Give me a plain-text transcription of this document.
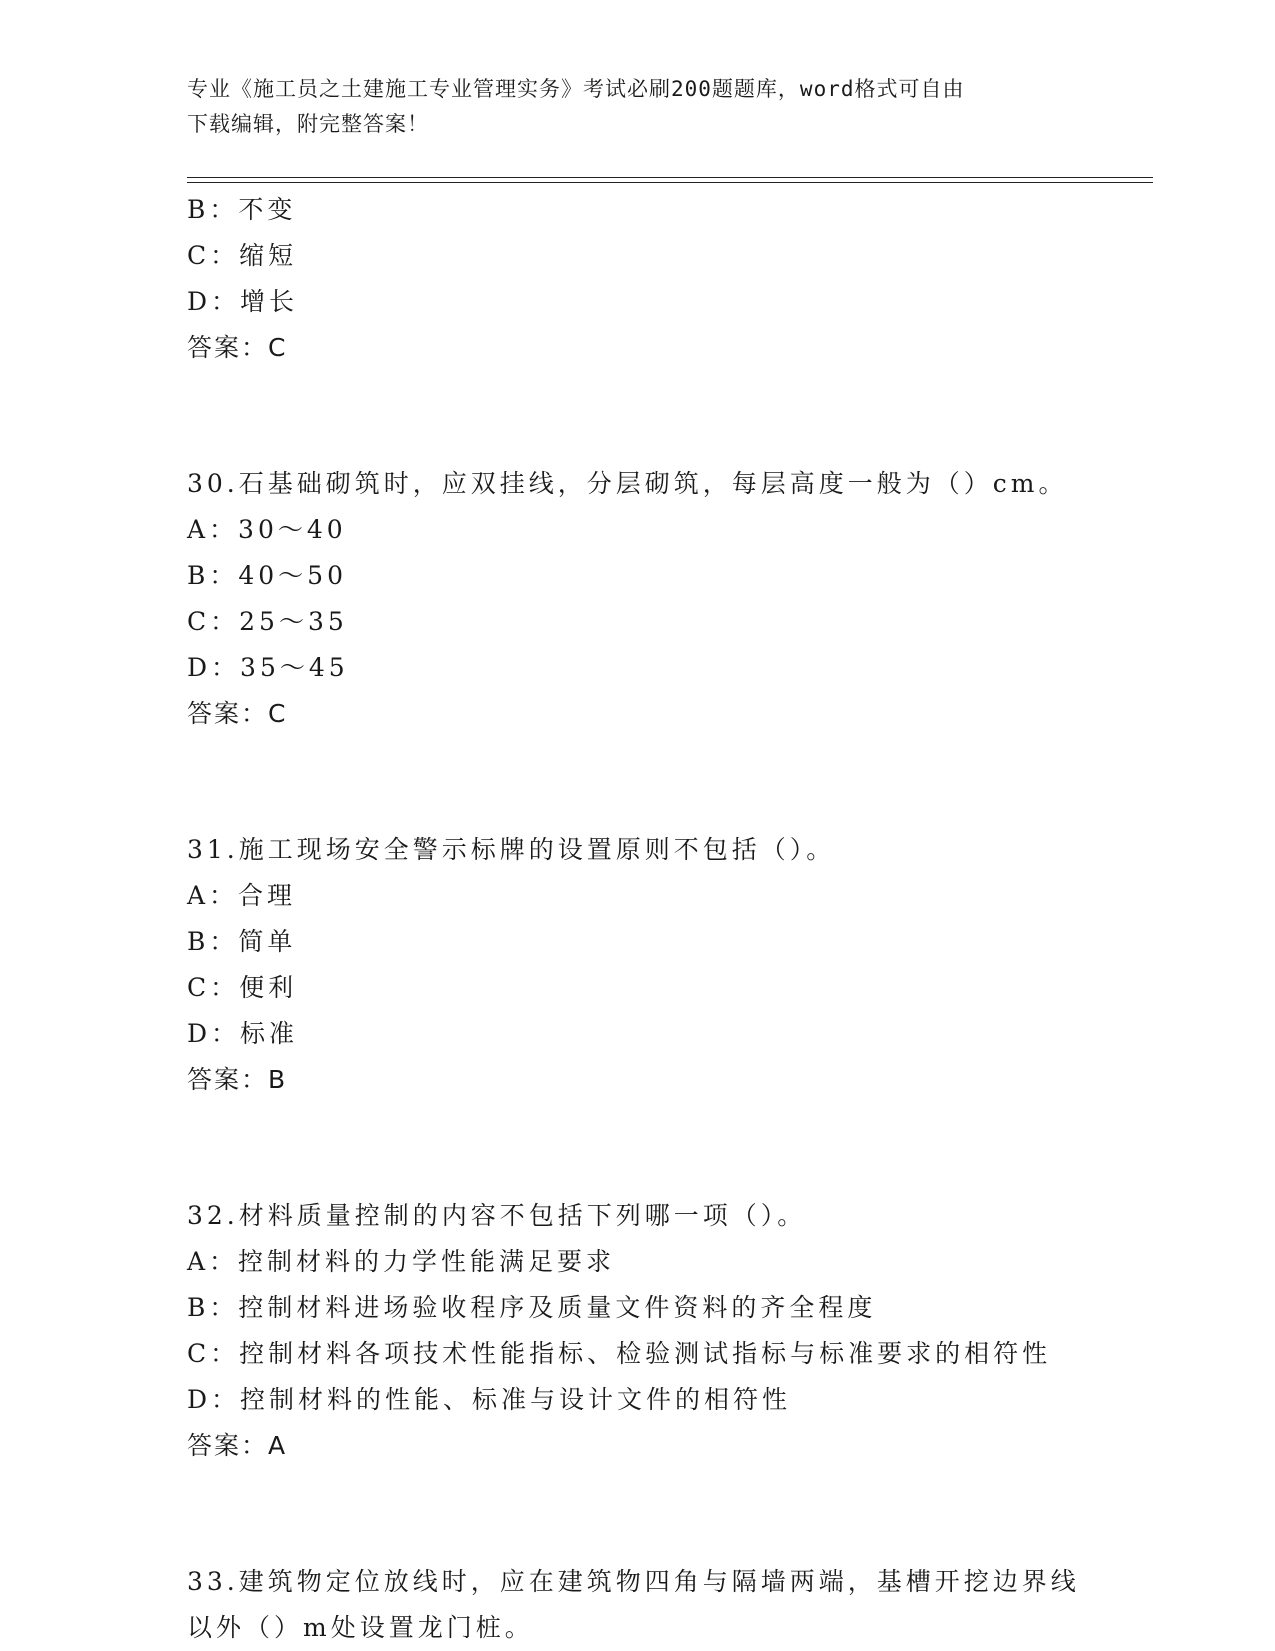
专业《施工员之土建施工专业管理实务》考试必刷200题题库，word格式可自由
下载编辑，附完整答案！

B：不变

C：缩短

D：增长

答案：C

30.石基础砌筑时，应双挂线，分层砌筑，每层高度一般为（）cm。

A：30～40

B：40～50

C：25～35

D：35～45

答案：C

31.施工现场安全警示标牌的设置原则不包括（）。

A：合理

B：简单

C：便利

D：标准

答案：B

32.材料质量控制的内容不包括下列哪一项（）。

A：控制材料的力学性能满足要求

B：控制材料进场验收程序及质量文件资料的齐全程度

C：控制材料各项技术性能指标、检验测试指标与标准要求的相符性

D：控制材料的性能、标准与设计文件的相符性

答案：A

33.建筑物定位放线时，应在建筑物四角与隔墙两端，基槽开挖边界线以外（）m处设置龙门桩。
